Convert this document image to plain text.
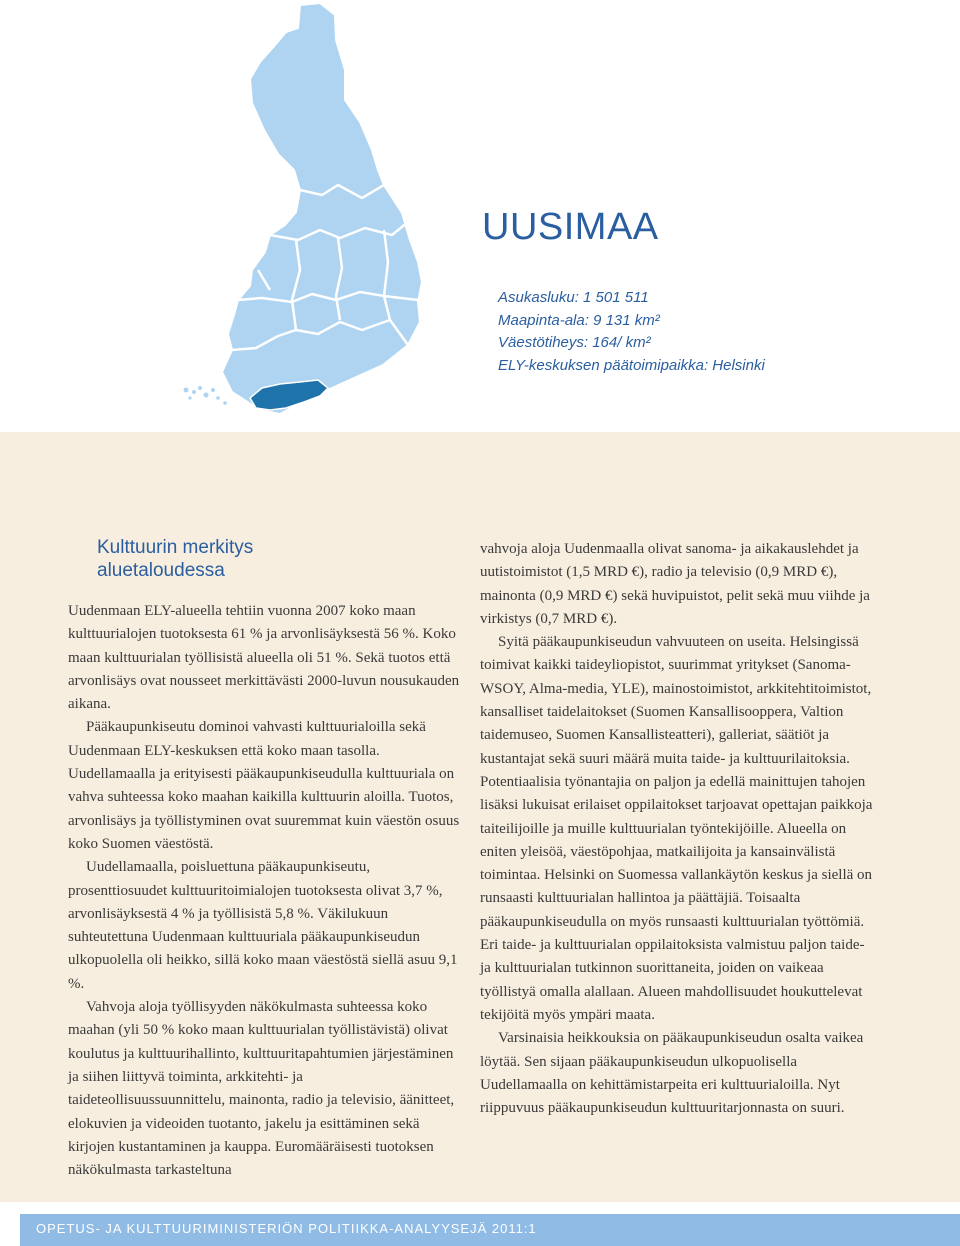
UUSIMAA
Asukasluku: 1 501 511
Maapinta-ala: 9 131 km²
Väestötiheys: 164/ km²
ELY-keskuksen päätoimipaikka: Helsinki
Kulttuurin merkitys
aluetaloudessa

Uudenmaan ELY-alueella tehtiin vuonna 2007 koko maan kulttuurialojen tuotoksesta 61 % ja arvonlisäyksestä 56 %. Koko maan kulttuurialan työllisistä alueella oli 51 %. Sekä tuotos että arvonlisäys ovat nousseet merkittävästi 2000-luvun nousukauden aikana.

Pääkaupunkiseutu dominoi vahvasti kulttuurialoilla sekä Uudenmaan ELY-keskuksen että koko maan tasolla. Uudellamaalla ja erityisesti pääkaupunkiseudulla kulttuuriala on vahva suhteessa koko maahan kaikilla kulttuurin aloilla. Tuotos, arvonlisäys ja työllistyminen ovat suuremmat kuin väestön osuus koko Suomen väestöstä.

Uudellamaalla, poisluettuna pääkaupunkiseutu, prosenttiosuudet kulttuuritoimialojen tuotoksesta olivat 3,7 %, arvonlisäyksestä 4 % ja työllisistä 5,8 %. Väkilukuun suhteutettuna Uudenmaan kulttuuriala pääkaupunkiseudun ulkopuolella oli heikko, sillä koko maan väestöstä siellä asuu 9,1 %.

Vahvoja aloja työllisyyden näkökulmasta suhteessa koko maahan (yli 50 % koko maan kulttuurialan työllistävistä) olivat koulutus ja kulttuurihallinto, kulttuuritapahtumien järjestäminen ja siihen liittyvä toiminta, arkkitehti- ja taideteollisuussuunnittelu, mainonta, radio ja televisio, äänitteet, elokuvien ja videoiden tuotanto, jakelu ja esittäminen sekä kirjojen kustantaminen ja kauppa. Euromääräisesti tuotoksen näkökulmasta tarkasteltuna

vahvoja aloja Uudenmaalla olivat sanoma- ja aikakauslehdet ja uutistoimistot (1,5 MRD €), radio ja televisio (0,9 MRD €), mainonta (0,9 MRD €) sekä huvipuistot, pelit sekä muu viihde ja virkistys (0,7 MRD €).

Syitä pääkaupunkiseudun vahvuuteen on useita. Helsingissä toimivat kaikki taideyliopistot, suurimmat yritykset (Sanoma-WSOY, Alma-media, YLE), mainostoimistot, arkkitehtitoimistot, kansalliset taidelaitokset (Suomen Kansallisooppera, Valtion taidemuseo, Suomen Kansallisteatteri), galleriat, säätiöt ja kustantajat sekä suuri määrä muita taide- ja kulttuurilaitoksia. Potentiaalisia työnantajia on paljon ja edellä mainittujen tahojen lisäksi lukuisat erilaiset oppilaitokset tarjoavat opettajan paikkoja taiteilijoille ja muille kulttuurialan työntekijöille. Alueella on eniten yleisöä, väestöpohjaa, matkailijoita ja kansainvälistä toimintaa. Helsinki on Suomessa vallankäytön keskus ja siellä on runsaasti kulttuurialan hallintoa ja päättäjiä. Toisaalta pääkaupunkiseudulla on myös runsaasti kulttuurialan työttömiä. Eri taide- ja kulttuurialan oppilaitoksista valmistuu paljon taide- ja kulttuurialan tutkinnon suorittaneita, joiden on vaikeaa työllistyä omalla alallaan. Alueen mahdollisuudet houkuttelevat tekijöitä myös ympäri maata.

Varsinaisia heikkouksia on pääkaupunkiseudun osalta vaikea löytää. Sen sijaan pääkaupunkiseudun ulkopuolisella Uudellamaalla on kehittämistarpeita eri kulttuurialoilla. Nyt riippuvuus pääkaupunkiseudun kulttuuritarjonnasta on suuri.

OPETUS- JA KULTTUURIMINISTERIÖN POLITIIKKA-ANALYYSEJÄ 2011:1
